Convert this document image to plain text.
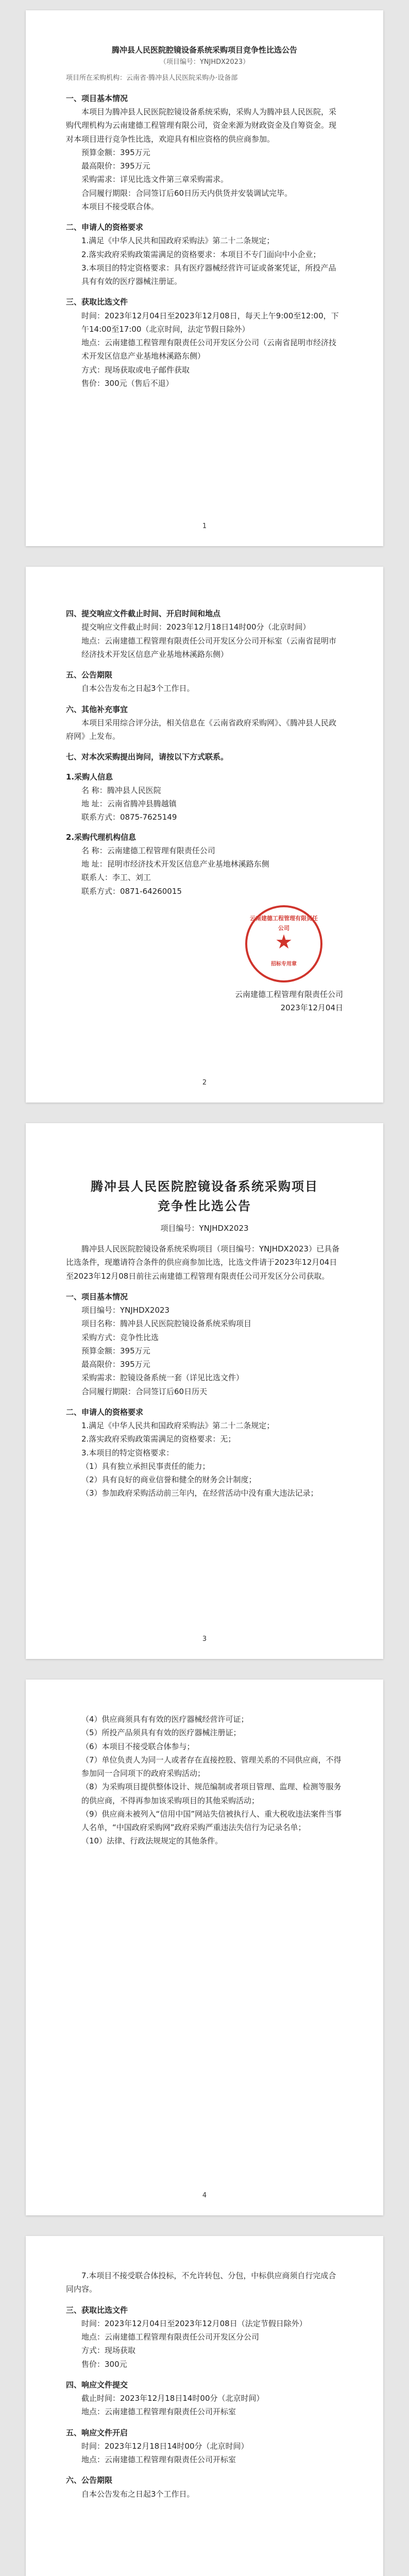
腾冲县人民医院腔镜设备系统采购项目竞争性比选公告

（项目编号：YNJHDX2023）

项目所在采购机构：云南省·腾冲县人民医院采购办·设备部

一、项目基本情况

本项目为腾冲县人民医院腔镜设备系统采购，采购人为腾冲县人民医院，采购代理机构为云南建德工程管理有限公司，资金来源为财政资金及自筹资金。现对本项目进行竞争性比选，欢迎具有相应资格的供应商参加。

预算金额：395万元

最高限价：395万元

采购需求：详见比选文件第三章采购需求。

合同履行期限：合同签订后60日历天内供货并安装调试完毕。

本项目不接受联合体。

二、申请人的资格要求

1.满足《中华人民共和国政府采购法》第二十二条规定；

2.落实政府采购政策需满足的资格要求：本项目不专门面向中小企业；

3.本项目的特定资格要求：具有医疗器械经营许可证或备案凭证，所投产品具有有效的医疗器械注册证。

三、获取比选文件

时间：2023年12月04日至2023年12月08日，每天上午9:00至12:00，下午14:00至17:00（北京时间，法定节假日除外）

地点：云南建德工程管理有限责任公司开发区分公司（云南省昆明市经济技术开发区信息产业基地林溪路东侧）

方式：现场获取或电子邮件获取

售价：300元（售后不退）

1

四、提交响应文件截止时间、开启时间和地点

提交响应文件截止时间：2023年12月18日14时00分（北京时间）

地点：云南建德工程管理有限责任公司开发区分公司开标室（云南省昆明市经济技术开发区信息产业基地林溪路东侧）

五、公告期限

自本公告发布之日起3个工作日。

六、其他补充事宜

本项目采用综合评分法，相关信息在《云南省政府采购网》、《腾冲县人民政府网》上发布。

七、对本次采购提出询问，请按以下方式联系。

1.采购人信息

名 称：腾冲县人民医院

地 址：云南省腾冲县腾越镇

联系方式：0875-7625149

2.采购代理机构信息

名 称：云南建德工程管理有限责任公司

地 址：昆明市经济技术开发区信息产业基地林溪路东侧

联系人：李工、刘工

联系方式：0871-64260015

云南建德工程管理有限责任公司
★
招标专用章

云南建德工程管理有限责任公司

2023年12月04日

2

腾冲县人民医院腔镜设备系统采购项目

竞争性比选公告

项目编号：YNJHDX2023

腾冲县人民医院腔镜设备系统采购项目（项目编号：YNJHDX2023）已具备比选条件，现邀请符合条件的供应商参加比选，比选文件请于2023年12月04日至2023年12月08日前往云南建德工程管理有限责任公司开发区分公司获取。

一、项目基本情况

项目编号：YNJHDX2023

项目名称：腾冲县人民医院腔镜设备系统采购项目

采购方式：竞争性比选

预算金额：395万元

最高限价：395万元

采购需求：腔镜设备系统一套（详见比选文件）

合同履行期限：合同签订后60日历天

二、申请人的资格要求

1.满足《中华人民共和国政府采购法》第二十二条规定；

2.落实政府采购政策需满足的资格要求：无；

3.本项目的特定资格要求：

（1）具有独立承担民事责任的能力；

（2）具有良好的商业信誉和健全的财务会计制度；

（3）参加政府采购活动前三年内，在经营活动中没有重大违法记录；

3

（4）供应商须具有有效的医疗器械经营许可证；

（5）所投产品须具有有效的医疗器械注册证；

（6）本项目不接受联合体参与；

（7）单位负责人为同一人或者存在直接控股、管理关系的不同供应商，不得参加同一合同项下的政府采购活动；

（8）为采购项目提供整体设计、规范编制或者项目管理、监理、检测等服务的供应商，不得再参加该采购项目的其他采购活动；

（9）供应商未被列入“信用中国”网站失信被执行人、重大税收违法案件当事人名单，“中国政府采购网”政府采购严重违法失信行为记录名单；

（10）法律、行政法规规定的其他条件。

4

7.本项目不接受联合体投标，不允许转包、分包，中标供应商须自行完成合同内容。

三、获取比选文件

时间：2023年12月04日至2023年12月08日（法定节假日除外）

地点：云南建德工程管理有限责任公司开发区分公司

方式：现场获取

售价：300元

四、响应文件提交

截止时间：2023年12月18日14时00分（北京时间）

地点：云南建德工程管理有限责任公司开标室

五、响应文件开启

时间：2023年12月18日14时00分（北京时间）

地点：云南建德工程管理有限责任公司开标室

六、公告期限

自本公告发布之日起3个工作日。
